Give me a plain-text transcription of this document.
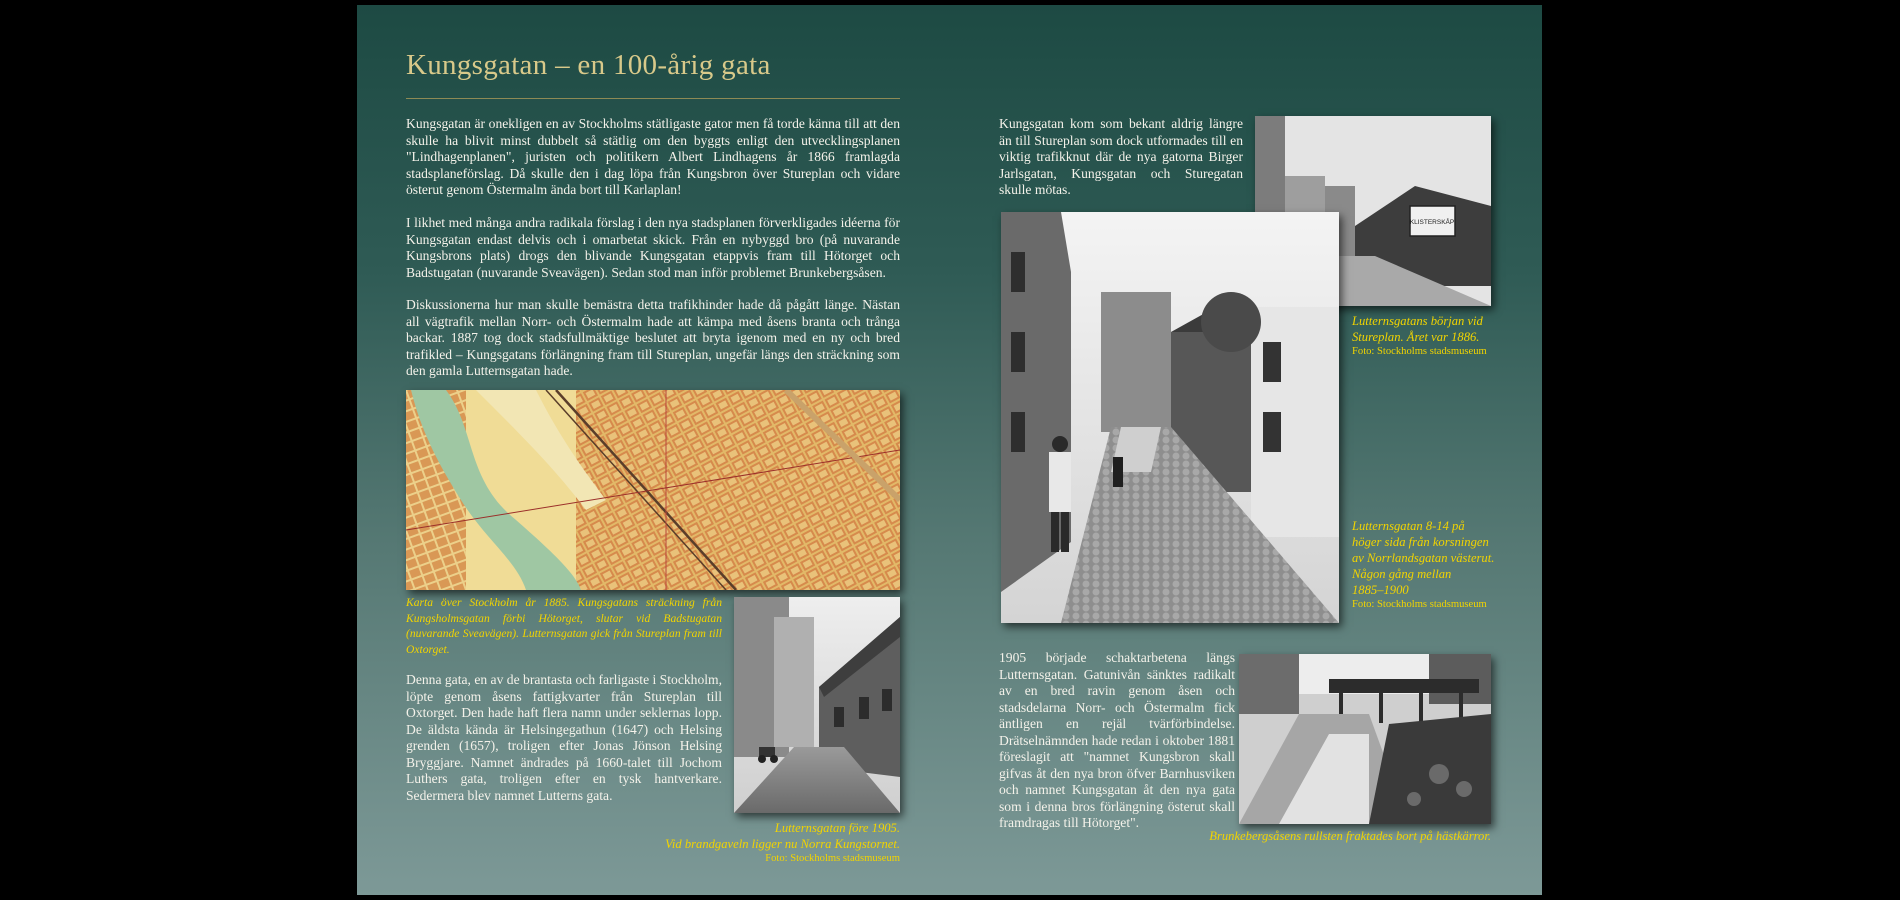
Kungsgatan – en 100-årig gata

Kungsgatan är onekligen en av Stockholms stätligaste gator men få torde känna till att den skulle ha blivit minst dubbelt så stätlig om den byggts enligt den utvecklingsplanen "Lindhagenplanen", juristen och politikern Albert Lindhagens år 1866 framlagda stadsplaneförslag. Då skulle den i dag löpa från Kungsbron över Stureplan och vidare österut genom Östermalm ända bort till Karlaplan!

I likhet med många andra radikala förslag i den nya stadsplanen förverkligades idéerna för Kungsgatan endast delvis och i omarbetat skick. Från en nybyggd bro (på nuvarande Kungsbrons plats) drogs den blivande Kungsgatan etappvis fram till Hötorget och Badstugatan (nuvarande Sveavägen). Sedan stod man inför problemet Brunkebergsåsen.

Diskussionerna hur man skulle bemästra detta trafikhinder hade då pågått länge. Nästan all vägtrafik mellan Norr- och Östermalm hade att kämpa med åsens branta och trånga backar. 1887 tog dock stadsfullmäktige beslutet att bryta igenom med en ny och bred trafikled – Kungsgatans förlängning fram till Stureplan, ungefär längs den sträckning som den gamla Lutternsgatan hade.

Karta över Stockholm år 1885. Kungsgatans sträckning från Kungsholmsgatan förbi Hötorget, slutar vid Badstugatan (nuvarande Sveavägen). Lutternsgatan gick från Stureplan fram till Oxtorget.

Denna gata, en av de brantasta och farligaste i Stockholm, löpte genom åsens fattigkvarter från Stureplan till Oxtorget. Den hade haft flera namn under seklernas lopp. De äldsta kända är Helsingegathun (1647) och Helsing grenden (1657), troligen efter Jonas Jönson Helsing Bryggjare. Namnet ändrades på 1660-talet till Jochom Luthers gata, troligen efter en tysk hantverkare. Sedermera blev namnet Lutterns gata.

Lutternsgatan före 1905.
Vid brandgaveln ligger nu Norra Kungstornet.
Foto: Stockholms stadsmuseum

Kungsgatan kom som bekant aldrig längre än till Stureplan som dock utformades till en viktig trafikknut där de nya gatorna Birger Jarlsgatan, Kungsgatan och Sturegatan skulle mötas.

KLISTERSKÅP

Lutternsgatans början vid
Stureplan. Året var 1886.
Foto: Stockholms stadsmuseum

Lutternsgatan 8-14 på
höger sida från korsningen
av Norrlandsgatan västerut.
Någon gång mellan
1885–1900
Foto: Stockholms stadsmuseum

1905 började schaktarbetena längs Lutternsgatan. Gatunivån sänktes radikalt av en bred ravin genom åsen och stadsdelarna Norr- och Östermalm fick äntligen en rejäl tvärförbindelse. Drätselnämnden hade redan i oktober 1881 föreslagit att "namnet Kungsbron skall gifvas åt den nya bron öfver Barnhusviken och namnet Kungsgatan åt den nya gata som i denna bros förlängning österut skall framdragas till Hötorget".

Brunkebergsåsens rullsten fraktades bort på hästkärror.
